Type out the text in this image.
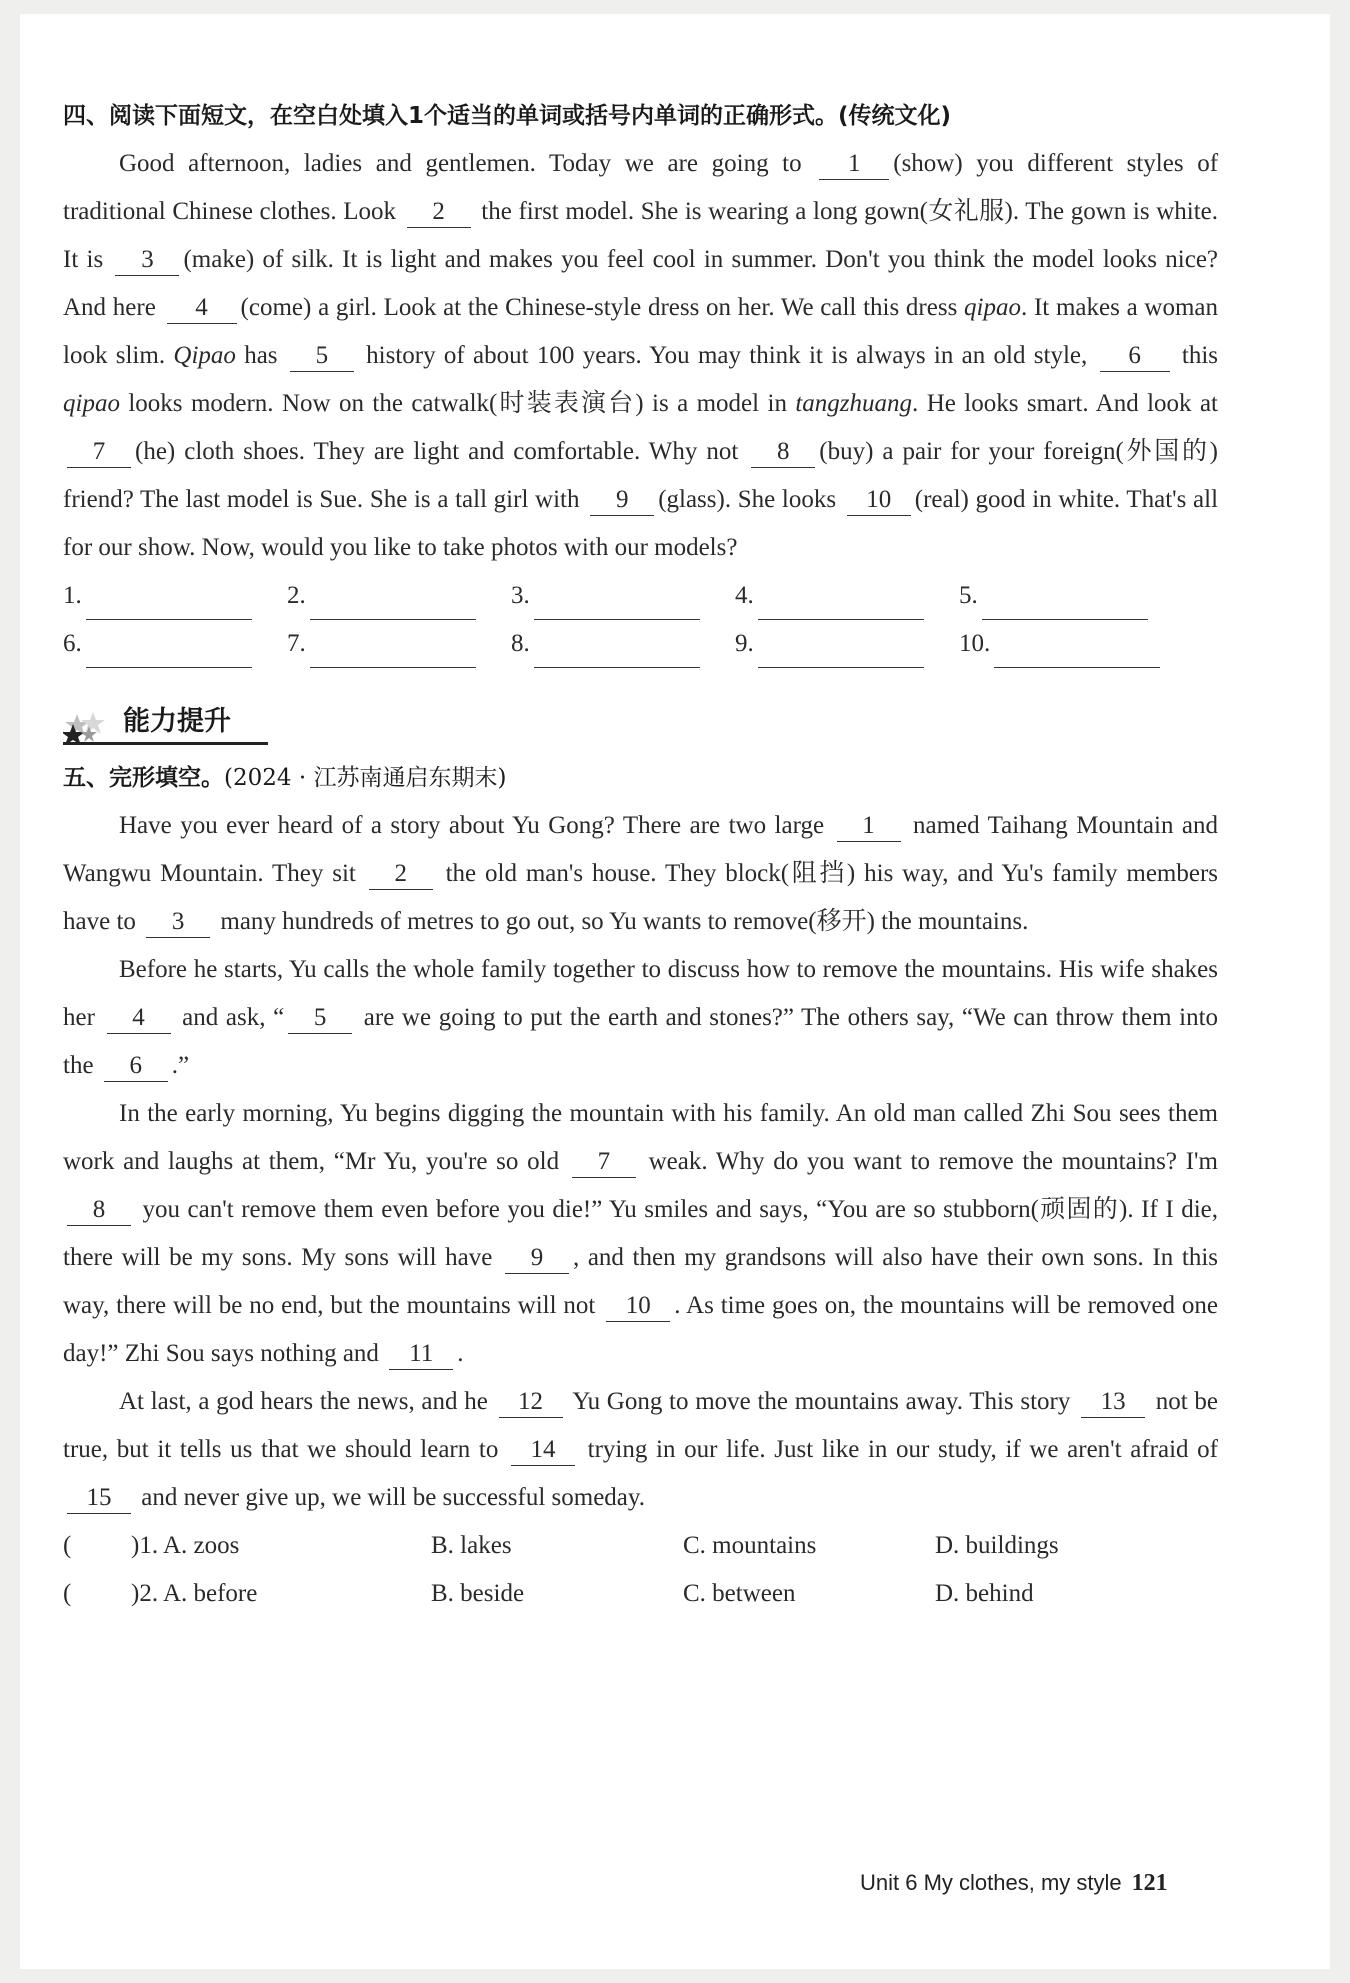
四、阅读下面短文，在空白处填入1个适当的单词或括号内单词的正确形式。(传统文化)

Good afternoon, ladies and gentlemen. Today we are going to 1 (show) you different styles of traditional Chinese clothes. Look 2 the first model. She is wearing a long gown(女礼服). The gown is white. It is 3 (make) of silk. It is light and makes you feel cool in summer. Don't you think the model looks nice? And here 4 (come) a girl. Look at the Chinese-style dress on her. We call this dress qipao. It makes a woman look slim. Qipao has 5 history of about 100 years. You may think it is always in an old style, 6 this qipao looks modern. Now on the catwalk(时装表演台) is a model in tangzhuang. He looks smart. And look at 7 (he) cloth shoes. They are light and comfortable. Why not 8 (buy) a pair for your foreign(外国的) friend? The last model is Sue. She is a tall girl with 9 (glass). She looks 10 (real) good in white. That's all for our show. Now, would you like to take photos with our models?

1.	2.	3.	4.	5.
6.	7.	8.	9.	10.
能力提升
五、完形填空。(2024 · 江苏南通启东期末)

Have you ever heard of a story about Yu Gong? There are two large 1 named Taihang Mountain and Wangwu Mountain. They sit 2 the old man's house. They block(阻挡) his way, and Yu's family members have to 3 many hundreds of metres to go out, so Yu wants to remove(移开) the mountains.

Before he starts, Yu calls the whole family together to discuss how to remove the mountains. His wife shakes her 4 and ask, “ 5 are we going to put the earth and stones?” The others say, “We can throw them into the 6 .”

In the early morning, Yu begins digging the mountain with his family. An old man called Zhi Sou sees them work and laughs at them, “Mr Yu, you're so old 7 weak. Why do you want to remove the mountains? I'm 8 you can't remove them even before you die!” Yu smiles and says, “You are so stubborn(顽固的). If I die, there will be my sons. My sons will have 9 , and then my grandsons will also have their own sons. In this way, there will be no end, but the mountains will not 10 . As time goes on, the mountains will be removed one day!” Zhi Sou says nothing and 11 .

At last, a god hears the news, and he 12 Yu Gong to move the mountains away. This story 13 not be true, but it tells us that we should learn to 14 trying in our life. Just like in our study, if we aren't afraid of 15 and never give up, we will be successful someday.

(	)1. A. zoos	B. lakes	C. mountains	D. buildings
(	)2. A. before	B. beside	C. between	D. behind
Unit 6 My clothes, my style 121
